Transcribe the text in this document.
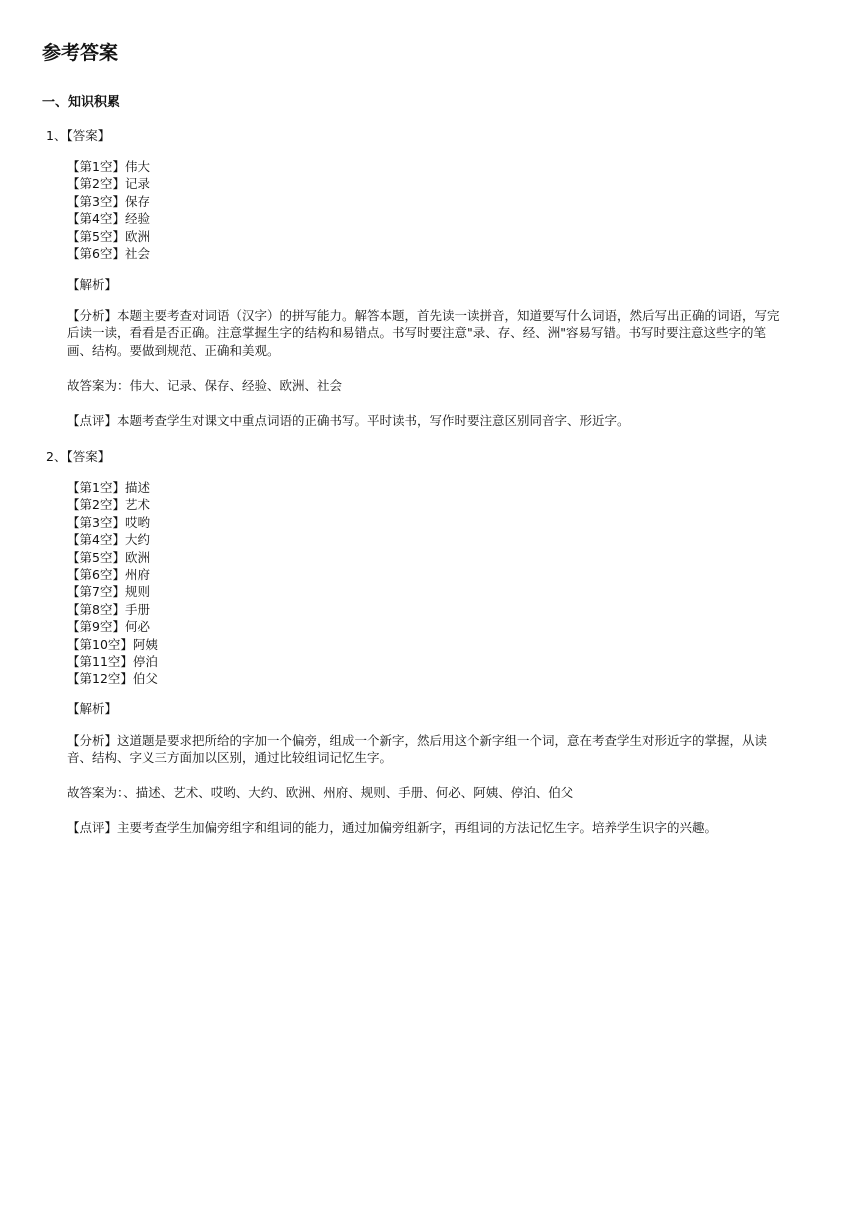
参考答案
一、知识积累
1、【答案】
【第1空】伟大
【第2空】记录
【第3空】保存
【第4空】经验
【第5空】欧洲
【第6空】社会

【解析】

【分析】本题主要考查对词语（汉字）的拼写能力。解答本题，首先读一读拼音，知道要写什么词语，然后写出正确的词语，写完后读一读，看看是否正确。注意掌握生字的结构和易错点。书写时要注意"录、存、经、洲"容易写错。书写时要注意这些字的笔画、结构。要做到规范、正确和美观。

故答案为：伟大、记录、保存、经验、欧洲、社会

【点评】本题考查学生对课文中重点词语的正确书写。平时读书，写作时要注意区别同音字、形近字。

2、【答案】
【第1空】描述
【第2空】艺术
【第3空】哎哟
【第4空】大约
【第5空】欧洲
【第6空】州府
【第7空】规则
【第8空】手册
【第9空】何必
【第10空】阿姨
【第11空】停泊
【第12空】伯父

【解析】

【分析】这道题是要求把所给的字加一个偏旁，组成一个新字，然后用这个新字组一个词，意在考查学生对形近字的掌握，从读音、结构、字义三方面加以区别，通过比较组词记忆生字。

故答案为：、描述、艺术、哎哟、大约、欧洲、州府、规则、手册、何必、阿姨、停泊、伯父

【点评】主要考查学生加偏旁组字和组词的能力，通过加偏旁组新字，再组词的方法记忆生字。培养学生识字的兴趣。
